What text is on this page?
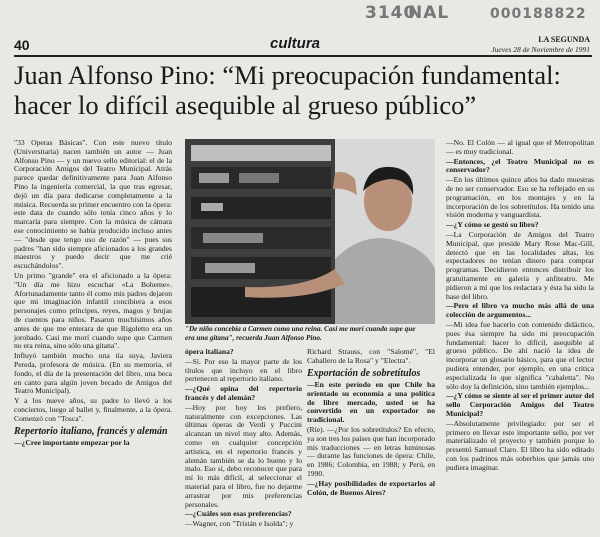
3140
NAL	000188822
40	cultura	LA SEGUNDA
Jueves 28 de Noviembre de 1991
Juan Alfonso Pino: “Mi preocupación fundamental:
hacer lo difícil asequible al grueso público”
"De niño concebía a Carmen como una reina. Casi me morí cuando supe que
era una gitana", recuerda Juan Alfonso Pino.

"33 Operas Básicas". Con este nuevo título (Universitaria) nacen también un autor — Juan Alfonso Pino — y un nuevo sello editorial: el de la Corporación Amigos del Teatro Municipal. Atrás parece quedar definitivamente para Juan Alfonso Pino la ingeniería comercial, la que tras egresar, dejó un día para dedicarse completamente a la música. Recuerda su primer encuentro con la ópera: este data de cuando sólo tenía cinco años y lo marcaría para siempre. Con la música de cámara ese conocimiento se había producido incluso antes — "desde que tengo uso de razón" — pues sus padres "han sido siempre aficionados a los grandes maestros y puedo decir que me crié escuchándolos".

Un primo "grande" era el aficionado a la ópera: "Un día me hizo escuchar «La Boheme». Afortunadamente tanto él como mis padres dejaron que mi imaginación infantil concibiera a esos personajes como príncipes, reyes, magos y brujas de cuentos para niños. Pasaron muchísimos años antes de que me enterara de que Rigoletto era un jorobado. Casi me morí cuando supe que Carmen no era reina, sino sólo una gitana".

Influyó también mucho una tía suya, Javiera Pereda, profesora de música. (En su memoria, el fondo, el día de la presentación del libro, una beca en canto para algún joven becado de Amigos del Teatro Municipal).

Y a los nueve años, su padre lo llevó a los conciertos, luego al ballet y, finalmente, a la ópera. Comenzó con "Tosca".

Repertorio italiano, francés y alemán

—¿Cree importante empezar por la

ópera italiana?

—Sí. Por eso la mayor parte de los títulos que incluyo en el libro pertenecen al repertorio italiano.

—¿Qué opina del repertorio francés y del alemán?

—Hoy por hoy los prefiero, naturalmente con excepciones. Las últimas óperas de Verdi y Puccini alcanzan un nivel muy alto. Además, como en cualquier concepción artística, en el repertorio francés y alemán también se da lo bueno y lo malo. Eso sí, debo reconocer que para mí lo más difícil, al seleccionar el material para el libro, fue no dejarme arrastrar por mis preferencias personales.

—¿Cuáles son esas preferencias?

—Wagner, con "Tristán e Isolda"; y

Richard Strauss, con "Salomé", "El Caballero de la Rosa" y "Electra".

Exportación de sobretítulos

—En este período en que Chile ha orientado su economía a una política de libre mercado, usted se ha convertido en un exportador no tradicional.

(Ríe). —¿Por los sobretítulos? En efecto, ya son tres los países que han incorporado mis traducciones — en letras luminosas — durante las funciones de ópera: Chile, en 1986; Colombia, en 1988; y Perú, en 1990.

—¿Hay posibilidades de exportarlos al Colón, de Buenos Aires?

—No. El Colón — al igual que el Metropolitan — es muy tradicional.

—Entonces, ¿el Teatro Municipal no es conservador?

—En los últimos quince años ha dado muestras de no ser conservador. Eso se ha reflejado en su programación, en los montajes y en la incorporación de los sobretítulos. Ha tenido una visión moderna y vanguardista.

—¿Y cómo se gestó su libro?

—La Corporación de Amigos del Teatro Municipal, que preside Mary Rose Mac-Gill, detectó que en las localidades altas, los espectadores no tenían dinero para comprar programas. Decidieron entonces distribuir los gratuitamente en galería y anfiteatro. Me pidieron a mí que los redactara y ésta ha sido la base del libro.

—Pero el libro va mucho más allá de una colección de argumentos...

—Mi idea fue hacerlo con contenido didáctico, pues ésa siempre ha sido mi preocupación fundamental: hacer lo difícil, asequible al grueso público. De ahí nació la idea de incorporar un glosario básico, para que el lector pudiera entender, por ejemplo, en una crítica especializada lo que significa "cabaletta". No sólo doy la definición, sino también ejemplos...

—¿Y cómo se siente al ser el primer autor del sello Corporación Amigos del Teatro Municipal?

—Absolutamente privilegiado: por ser el primero en llevar este importante sello, por ver materializado el proyecto y también porque lo presentó Samuel Claro. El libro ha sido editado con los padrinos más soberbios que jamás uno pudiera imaginar.
